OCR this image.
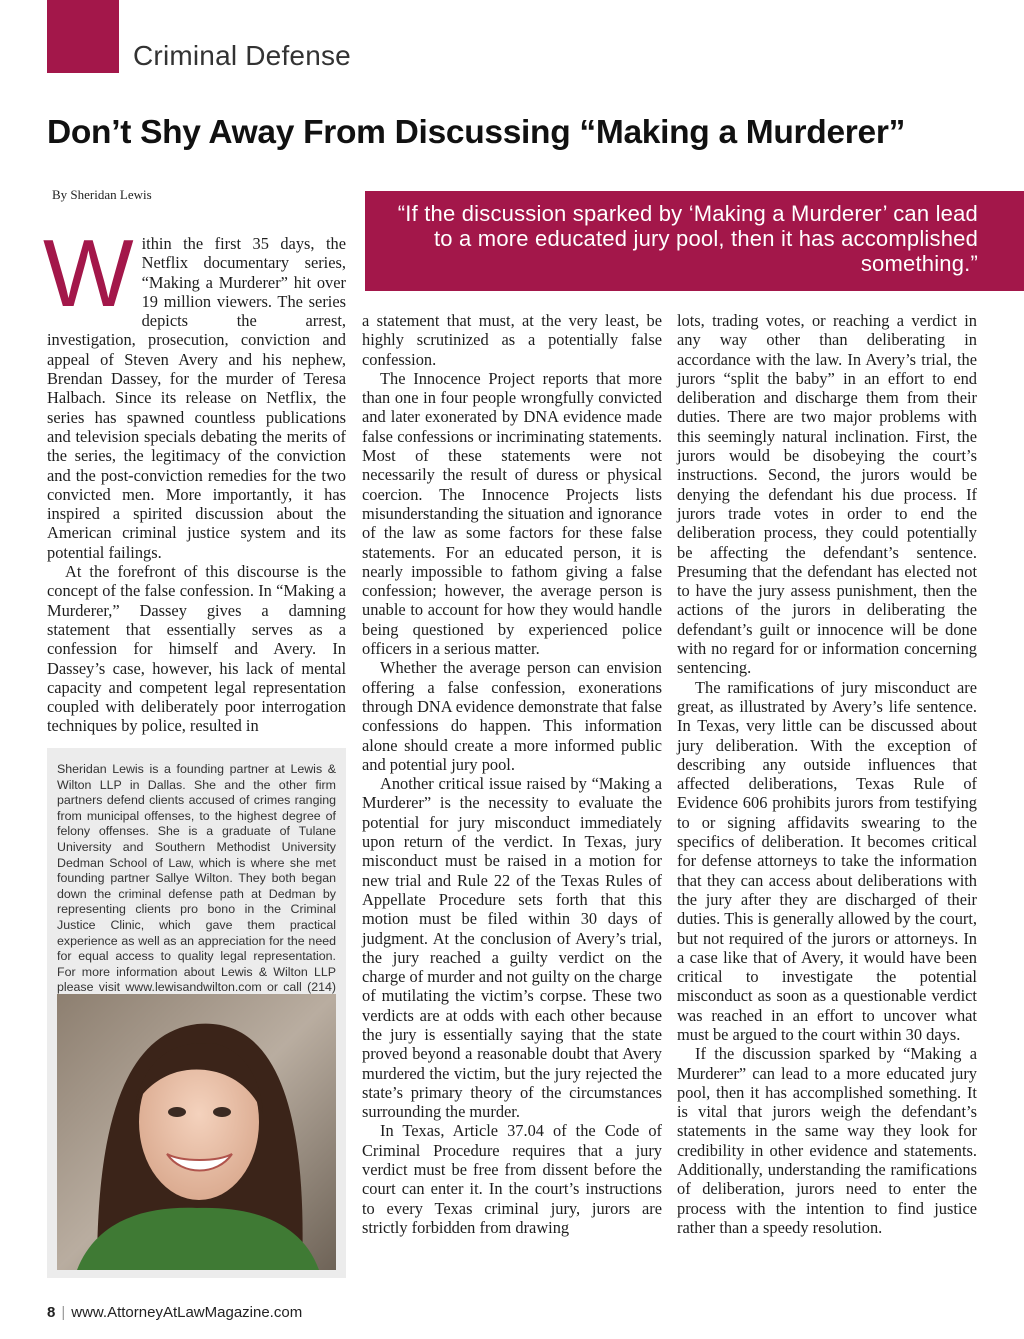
Criminal Defense
Don’t Shy Away From Discussing “Making a Murderer”
By Sheridan Lewis
“If the discussion sparked by ‘Making a Murderer’ can lead to a more educated jury pool, then it has accomplished something.”

Within the first 35 days, the Netflix documentary series, “Making a Murderer” hit over 19 million viewers. The series depicts the arrest, investigation, prosecution, conviction and appeal of Steven Avery and his nephew, Brendan Dassey, for the murder of Teresa Halbach. Since its release on Netflix, the series has spawned countless publications and television specials debating the merits of the series, the legitimacy of the conviction and the post-conviction remedies for the two convicted men. More importantly, it has inspired a spirited discussion about the American criminal justice system and its potential failings.

At the forefront of this discourse is the concept of the false confession. In “Making a Murderer,” Dassey gives a damning statement that essentially serves as a confession for himself and Avery. In Dassey’s case, however, his lack of mental capacity and competent legal representation coupled with deliberately poor interrogation techniques by police, resulted in

a statement that must, at the very least, be highly scrutinized as a potentially false confession.

The Innocence Project reports that more than one in four people wrongfully convicted and later exonerated by DNA evidence made false confessions or incriminating statements. Most of these statements were not necessarily the result of duress or physical coercion. The Innocence Projects lists misunderstanding the situation and ignorance of the law as some factors for these false statements. For an educated person, it is nearly impossible to fathom giving a false confession; however, the average person is unable to account for how they would handle being questioned by experienced police officers in a serious matter.

Whether the average person can envision offering a false confession, exonerations through DNA evidence demonstrate that false confessions do happen. This information alone should create a more informed public and potential jury pool.

Another critical issue raised by “Making a Murderer” is the necessity to evaluate the potential for jury misconduct immediately upon return of the verdict. In Texas, jury misconduct must be raised in a motion for new trial and Rule 22 of the Texas Rules of Appellate Procedure sets forth that this motion must be filed within 30 days of judgment. At the conclusion of Avery’s trial, the jury reached a guilty verdict on the charge of murder and not guilty on the charge of mutilating the victim’s corpse. These two verdicts are at odds with each other because the jury is essentially saying that the state proved beyond a reasonable doubt that Avery murdered the victim, but the jury rejected the state’s primary theory of the circumstances surrounding the murder.

In Texas, Article 37.04 of the Code of Criminal Procedure requires that a jury verdict must be free from dissent before the court can enter it. In the court’s instructions to every Texas criminal jury, jurors are strictly forbidden from drawing

lots, trading votes, or reaching a verdict in any way other than deliberating in accordance with the law. In Avery’s trial, the jurors “split the baby” in an effort to end deliberation and discharge them from their duties. There are two major problems with this seemingly natural inclination. First, the jurors would be disobeying the court’s instructions. Second, the jurors would be denying the defendant his due process. If jurors trade votes in order to end the deliberation process, they could potentially be affecting the defendant’s sentence. Presuming that the defendant has elected not to have the jury assess punishment, then the actions of the jurors in deliberating the defendant’s guilt or innocence will be done with no regard for or information concerning sentencing.

The ramifications of jury misconduct are great, as illustrated by Avery’s life sentence. In Texas, very little can be discussed about jury deliberation. With the exception of describing any outside influences that affected deliberations, Texas Rule of Evidence 606 prohibits jurors from testifying to or signing affidavits swearing to the specifics of deliberation. It becomes critical for defense attorneys to take the information that they can access about deliberations with the jury after they are discharged of their duties. This is generally allowed by the court, but not required of the jurors or attorneys. In a case like that of Avery, it would have been critical to investigate the potential misconduct as soon as a questionable verdict was reached in an effort to uncover what must be argued to the court within 30 days.

If the discussion sparked by “Making a Murderer” can lead to a more educated jury pool, then it has accomplished something. It is vital that jurors weigh the defendant’s statements in the same way they look for credibility in other evidence and statements. Additionally, understanding the ramifications of deliberation, jurors need to enter the process with the intention to find justice rather than a speedy resolution.

Sheridan Lewis is a founding partner at Lewis & Wilton LLP in Dallas. She and the other firm partners defend clients accused of crimes ranging from municipal offenses, to the highest degree of felony offenses. She is a graduate of Tulane University and Southern Methodist University Dedman School of Law, which is where she met founding partner Sallye Wilton. They both began down the criminal defense path at Dedman by representing clients pro bono in the Criminal Justice Clinic, which gave them practical experience as well as an appreciation for the need for equal access to quality legal representation. For more information about Lewis & Wilton LLP please visit www.lewisandwilton.com or call (214)
8 | www.AttorneyAtLawMagazine.com
